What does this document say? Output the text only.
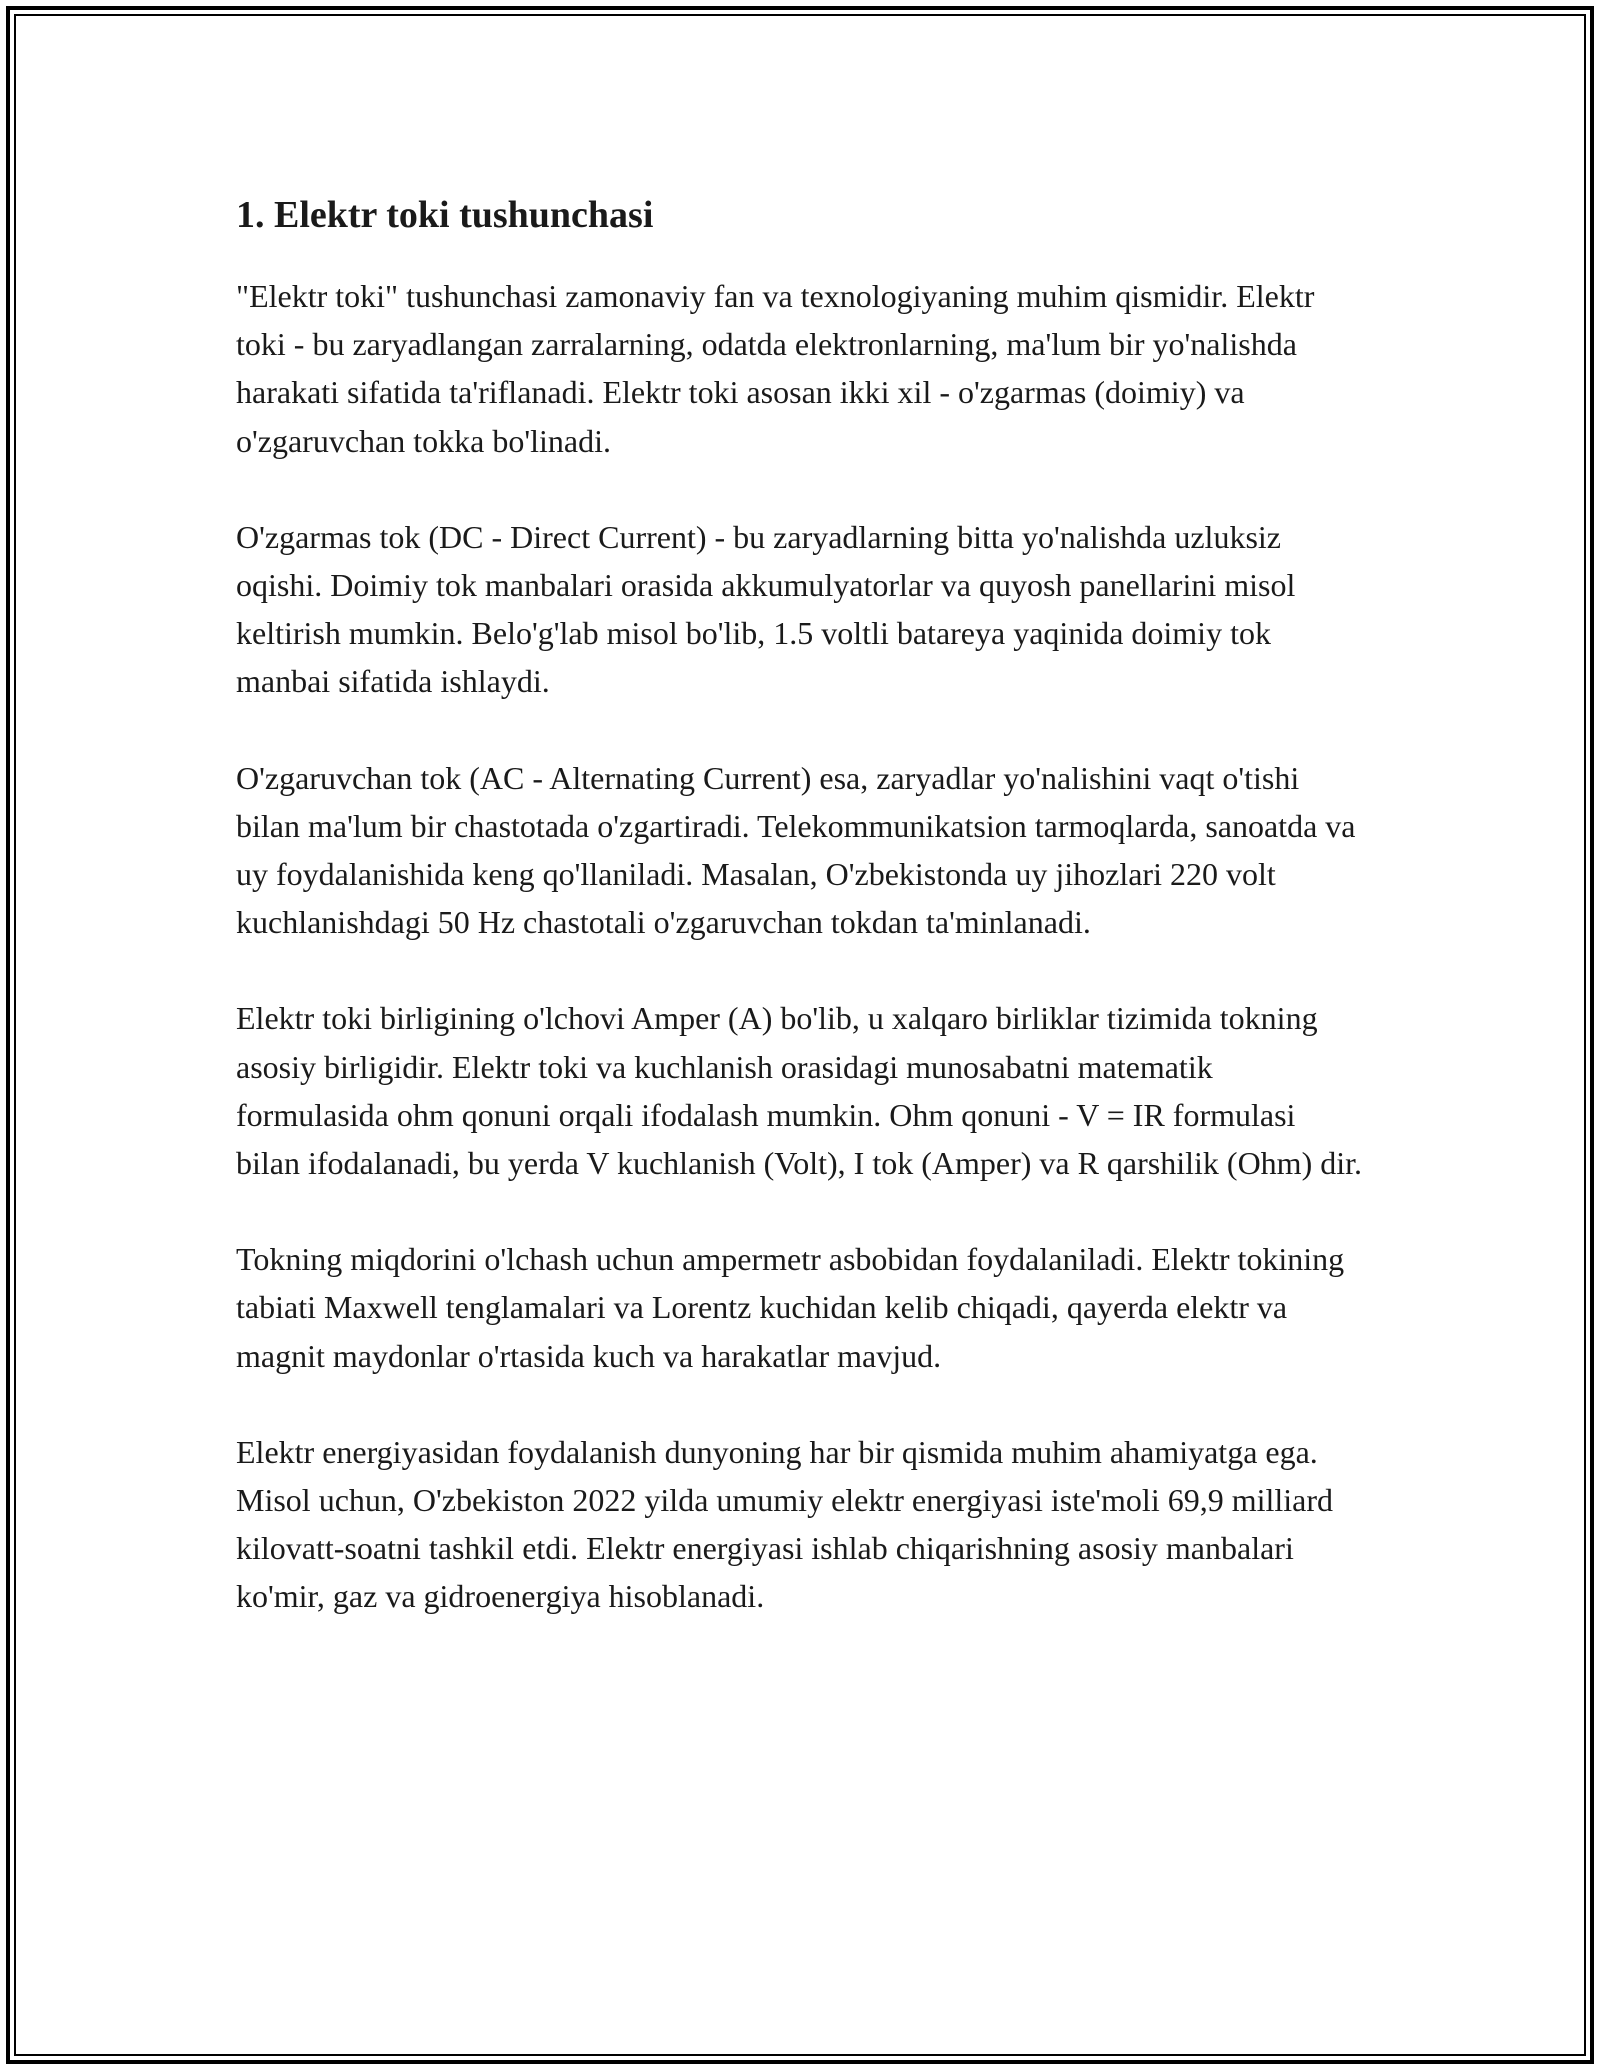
1. Elektr toki tushunchasi

"Elektr toki" tushunchasi zamonaviy fan va texnologiyaning muhim qismidir. Elektr toki - bu zaryadlangan zarralarning, odatda elektronlarning, ma'lum bir yo'nalishda harakati sifatida ta'riflanadi. Elektr toki asosan ikki xil - o'zgarmas (doimiy) va o'zgaruvchan tokka bo'linadi.

O'zgarmas tok (DC - Direct Current) - bu zaryadlarning bitta yo'nalishda uzluksiz oqishi. Doimiy tok manbalari orasida akkumulyatorlar va quyosh panellarini misol keltirish mumkin. Belo'g'lab misol bo'lib, 1.5 voltli batareya yaqinida doimiy tok manbai sifatida ishlaydi.

O'zgaruvchan tok (AC - Alternating Current) esa, zaryadlar yo'nalishini vaqt o'tishi bilan ma'lum bir chastotada o'zgartiradi. Telekommunikatsion tarmoqlarda, sanoatda va uy foydalanishida keng qo'llaniladi. Masalan, O'zbekistonda uy jihozlari 220 volt kuchlanishdagi 50 Hz chastotali o'zgaruvchan tokdan ta'minlanadi.

Elektr toki birligining o'lchovi Amper (A) bo'lib, u xalqaro birliklar tizimida tokning asosiy birligidir. Elektr toki va kuchlanish orasidagi munosabatni matematik formulasida ohm qonuni orqali ifodalash mumkin. Ohm qonuni - V = IR formulasi bilan ifodalanadi, bu yerda V kuchlanish (Volt), I tok (Amper) va R qarshilik (Ohm) dir.

Tokning miqdorini o'lchash uchun ampermetr asbobidan foydalaniladi. Elektr tokining tabiati Maxwell tenglamalari va Lorentz kuchidan kelib chiqadi, qayerda elektr va magnit maydonlar o'rtasida kuch va harakatlar mavjud.

Elektr energiyasidan foydalanish dunyoning har bir qismida muhim ahamiyatga ega. Misol uchun, O'zbekiston 2022 yilda umumiy elektr energiyasi iste'moli 69,9 milliard kilovatt-soatni tashkil etdi. Elektr energiyasi ishlab chiqarishning asosiy manbalari ko'mir, gaz va gidroenergiya hisoblanadi.
